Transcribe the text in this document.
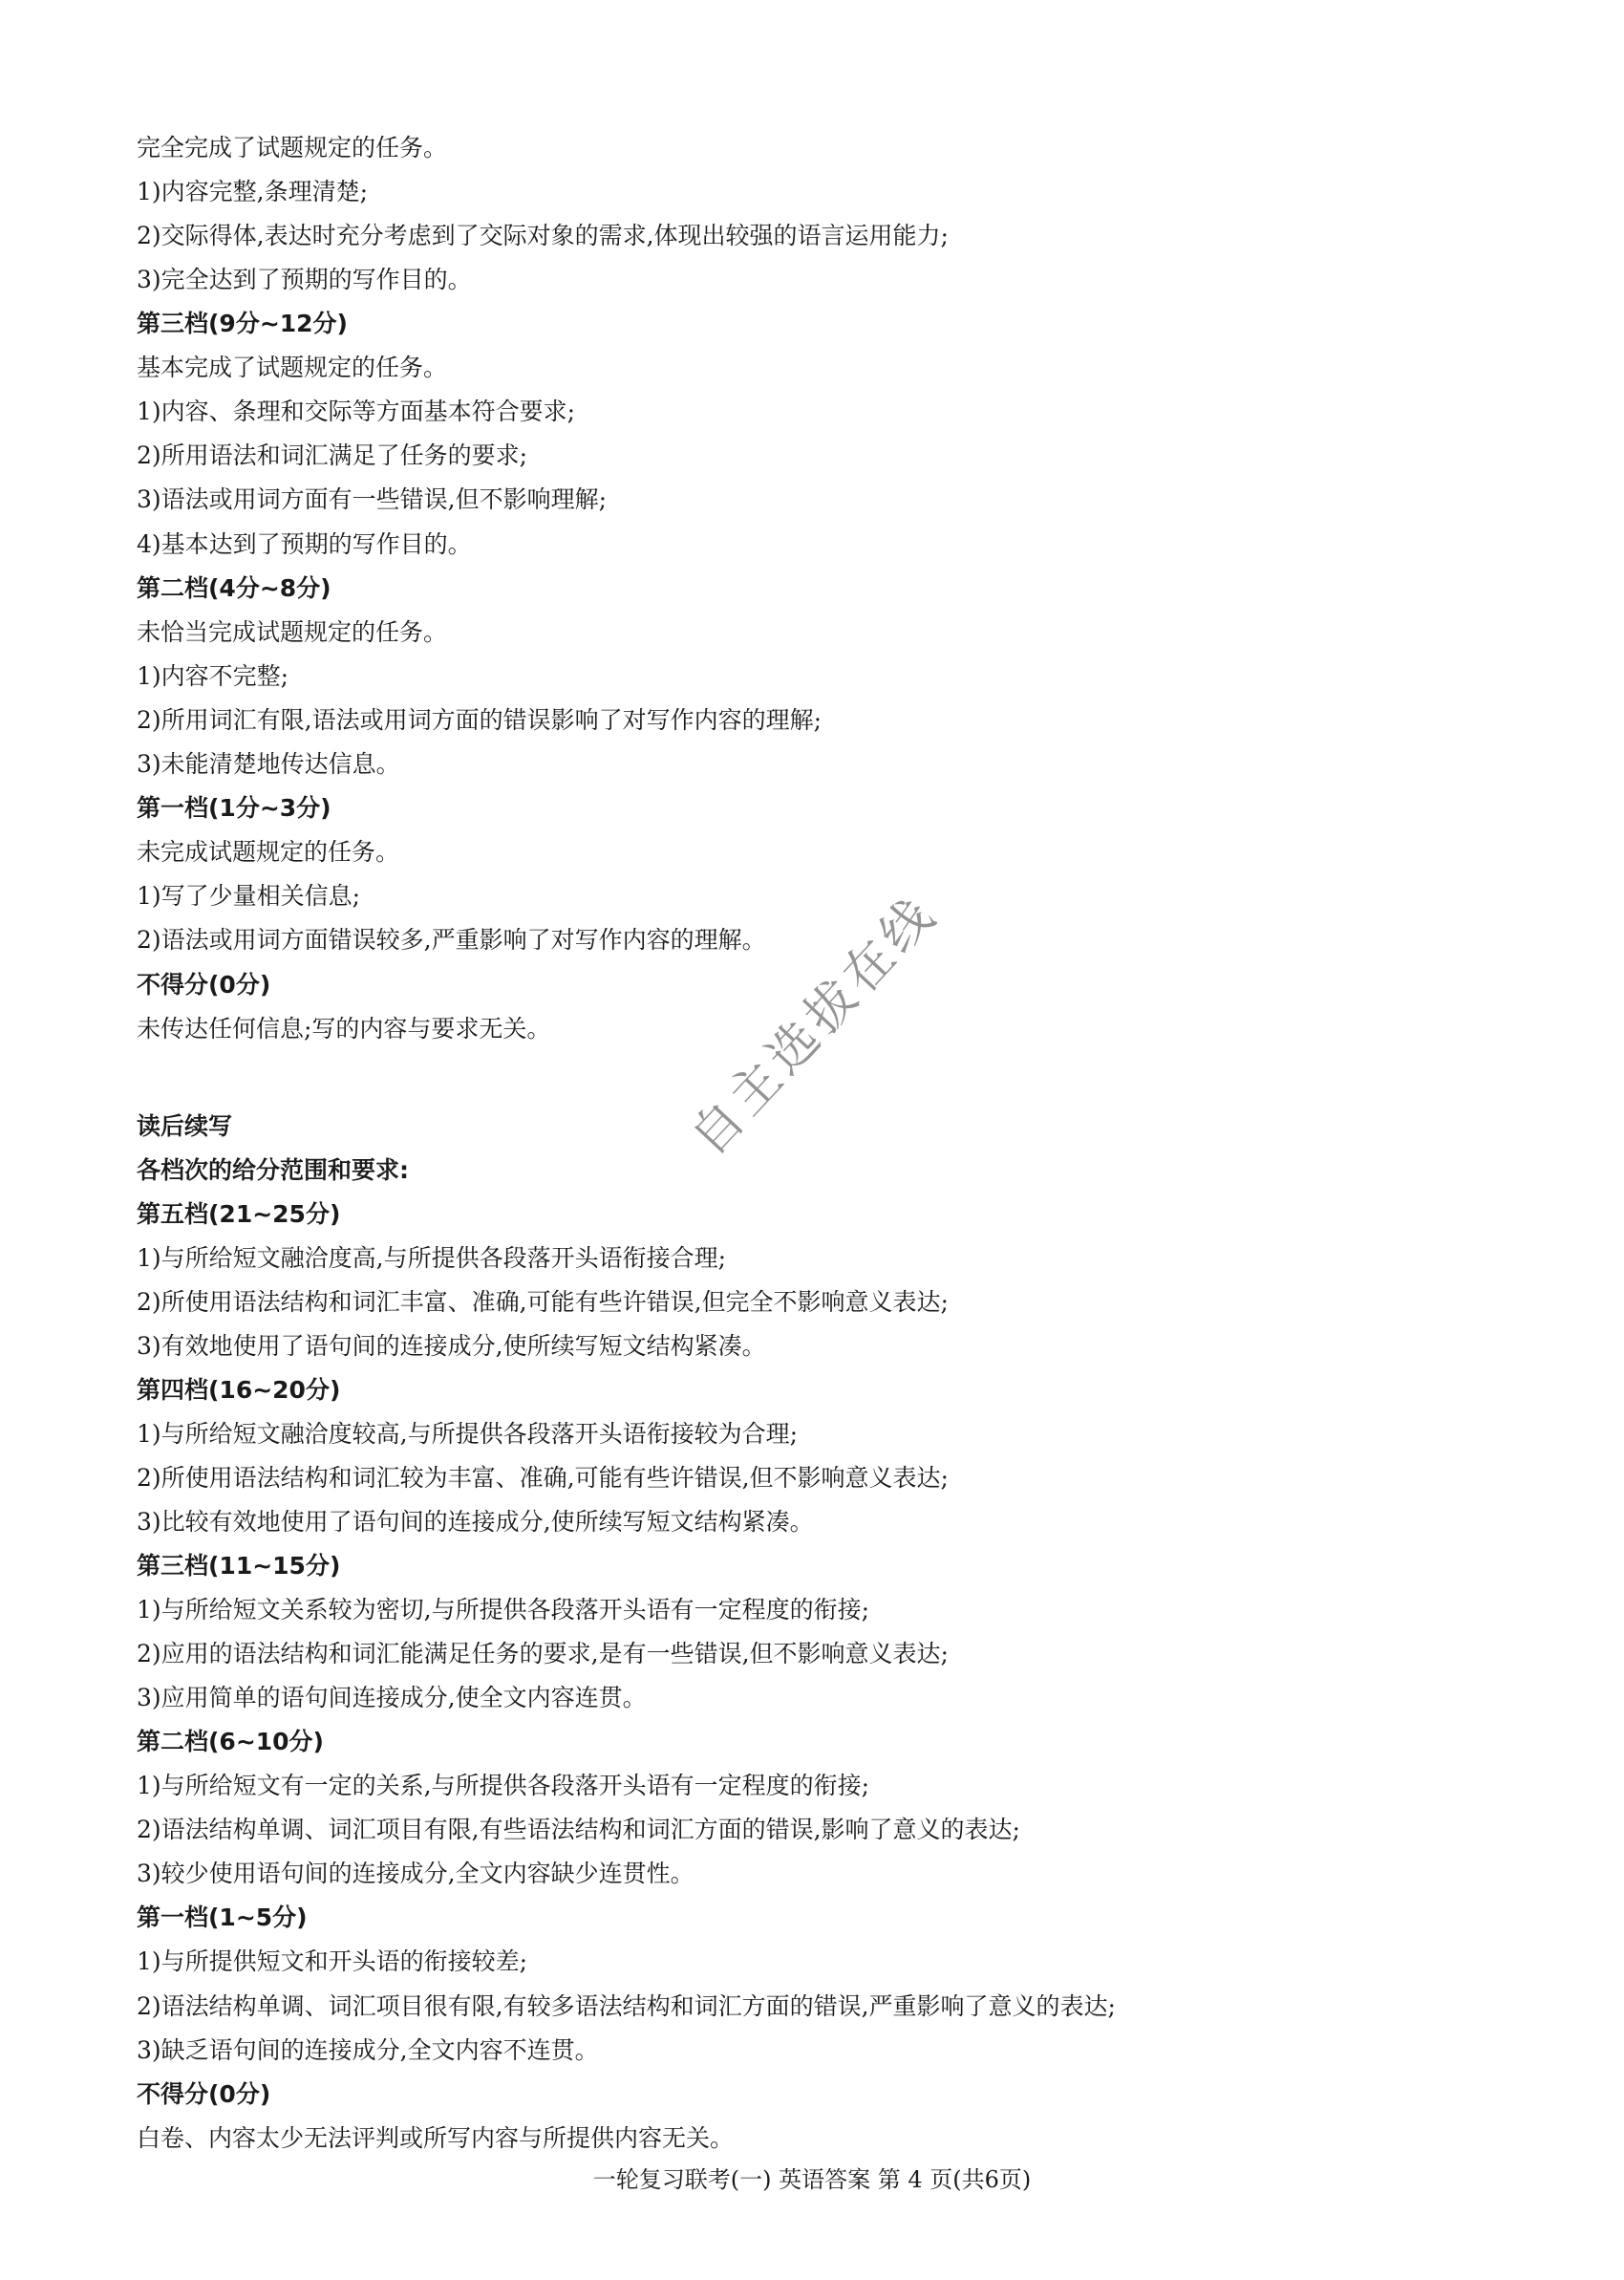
完全完成了试题规定的任务。
1)内容完整,条理清楚;
2)交际得体,表达时充分考虑到了交际对象的需求,体现出较强的语言运用能力;
3)完全达到了预期的写作目的。
第三档(9分~12分)
基本完成了试题规定的任务。
1)内容、条理和交际等方面基本符合要求;
2)所用语法和词汇满足了任务的要求;
3)语法或用词方面有一些错误,但不影响理解;
4)基本达到了预期的写作目的。
第二档(4分~8分)
未恰当完成试题规定的任务。
1)内容不完整;
2)所用词汇有限,语法或用词方面的错误影响了对写作内容的理解;
3)未能清楚地传达信息。
第一档(1分~3分)
未完成试题规定的任务。
1)写了少量相关信息;
2)语法或用词方面错误较多,严重影响了对写作内容的理解。
不得分(0分)
未传达任何信息;写的内容与要求无关。
读后续写
各档次的给分范围和要求:
第五档(21~25分)
1)与所给短文融洽度高,与所提供各段落开头语衔接合理;
2)所使用语法结构和词汇丰富、准确,可能有些许错误,但完全不影响意义表达;
3)有效地使用了语句间的连接成分,使所续写短文结构紧凑。
第四档(16~20分)
1)与所给短文融洽度较高,与所提供各段落开头语衔接较为合理;
2)所使用语法结构和词汇较为丰富、准确,可能有些许错误,但不影响意义表达;
3)比较有效地使用了语句间的连接成分,使所续写短文结构紧凑。
第三档(11~15分)
1)与所给短文关系较为密切,与所提供各段落开头语有一定程度的衔接;
2)应用的语法结构和词汇能满足任务的要求,是有一些错误,但不影响意义表达;
3)应用简单的语句间连接成分,使全文内容连贯。
第二档(6~10分)
1)与所给短文有一定的关系,与所提供各段落开头语有一定程度的衔接;
2)语法结构单调、词汇项目有限,有些语法结构和词汇方面的错误,影响了意义的表达;
3)较少使用语句间的连接成分,全文内容缺少连贯性。
第一档(1~5分)
1)与所提供短文和开头语的衔接较差;
2)语法结构单调、词汇项目很有限,有较多语法结构和词汇方面的错误,严重影响了意义的表达;
3)缺乏语句间的连接成分,全文内容不连贯。
不得分(0分)
白卷、内容太少无法评判或所写内容与所提供内容无关。
自主选拔在线
一轮复习联考(一) 英语答案 第 4 页(共6页)
